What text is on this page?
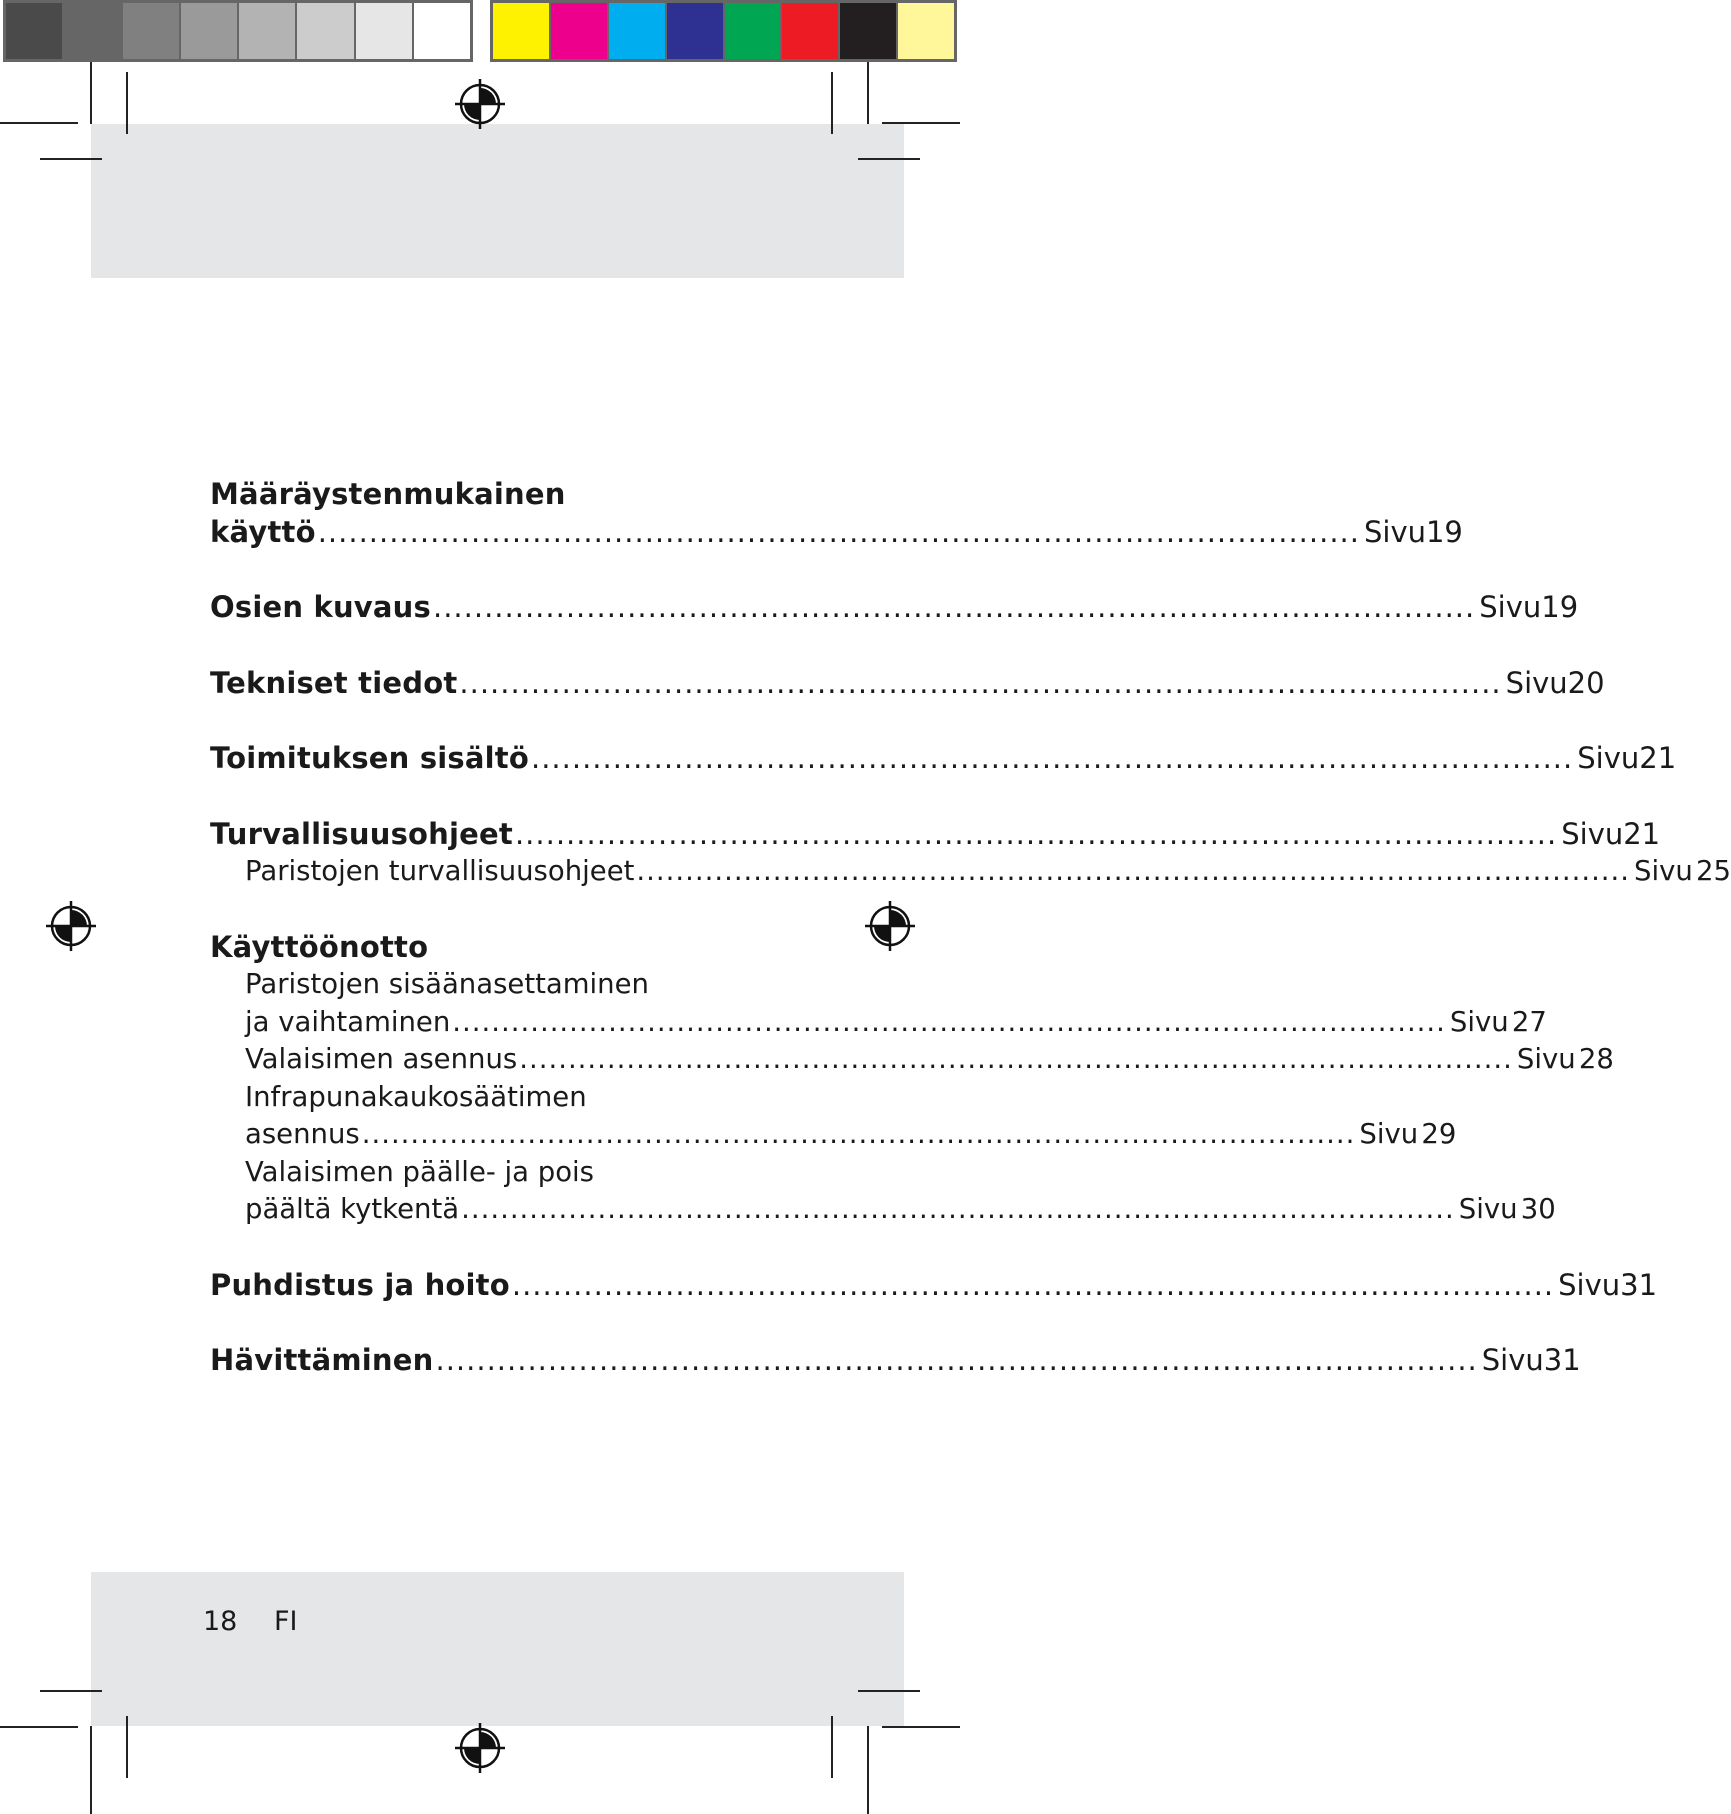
Määräystenmukainen
käyttö ...................................................................................................... Sivu 19
Osien kuvaus ...................................................................................................... Sivu 19
Tekniset tiedot ...................................................................................................... Sivu 20
Toimituksen sisältö ...................................................................................................... Sivu 21
Turvallisuusohjeet ...................................................................................................... Sivu 21
Paristojen turvallisuusohjeet ...................................................................................................... Sivu 25
Käyttöönotto
Paristojen sisäänasettaminen
ja vaihtaminen ...................................................................................................... Sivu 27
Valaisimen asennus ...................................................................................................... Sivu 28
Infrapunakaukosäätimen
asennus ...................................................................................................... Sivu 29
Valaisimen päälle- ja pois
päältä kytkentä ...................................................................................................... Sivu 30
Puhdistus ja hoito ...................................................................................................... Sivu 31
Hävittäminen ...................................................................................................... Sivu 31
18 FI
